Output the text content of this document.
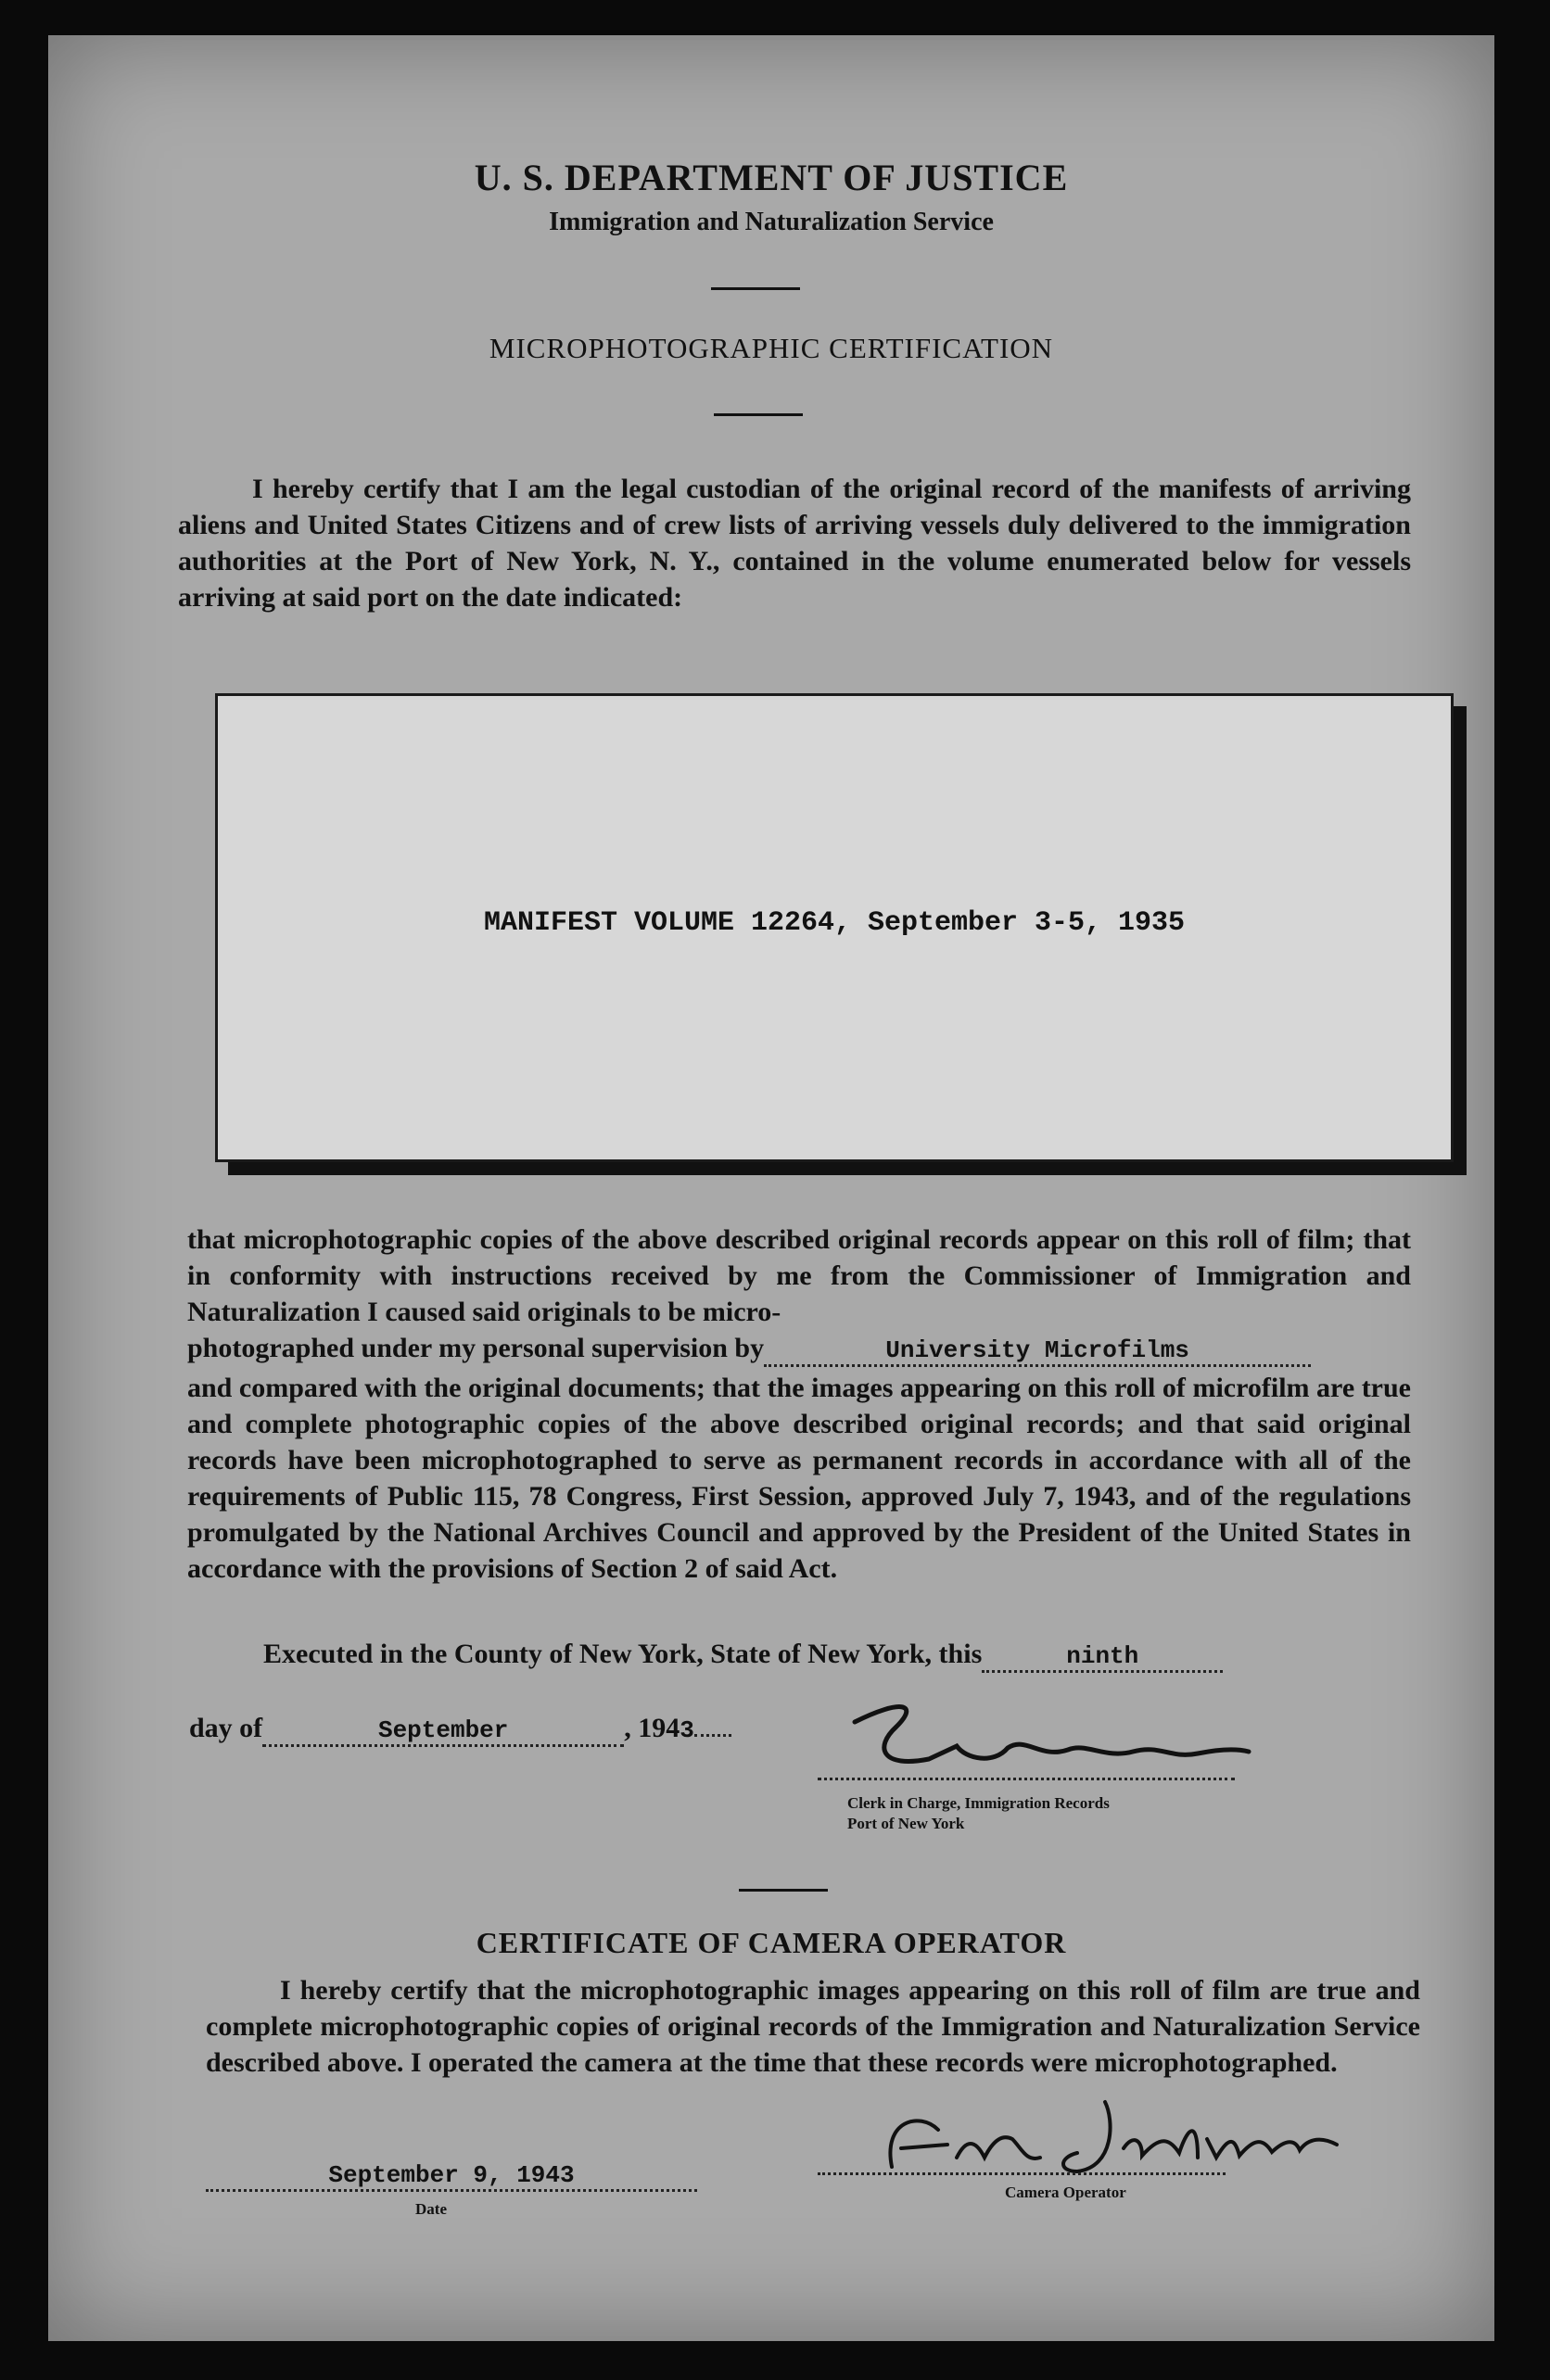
U. S. DEPARTMENT OF JUSTICE
Immigration and Naturalization Service
MICROPHOTOGRAPHIC CERTIFICATION
I hereby certify that I am the legal custodian of the original record of the manifests of arriving aliens and United States Citizens and of crew lists of arriving vessels duly delivered to the immigration authorities at the Port of New York, N. Y., contained in the volume enumerated below for vessels arriving at said port on the date indicated:
MANIFEST VOLUME 12264, September 3-5, 1935
that microphotographic copies of the above described original records appear on this roll of film; that in conformity with instructions received by me from the Commissioner of Immigration and Naturalization I caused said originals to be micro-
photographed under my personal supervision by	University Microfilms
and compared with the original documents; that the images appearing on this roll of microfilm are true and complete photographic copies of the above described original records; and that said original records have been microphotographed to serve as permanent records in accordance with all of the requirements of Public 115, 78 Congress, First Session, approved July 7, 1943, and of the regulations promulgated by the National Archives Council and approved by the President of the United States in accordance with the provisions of Section 2 of said Act.
Executed in the County of New York, State of New York, this	ninth
day of	September	, 1943
Clerk in Charge, Immigration Records
Port of New York
CERTIFICATE OF CAMERA OPERATOR
I hereby certify that the microphotographic images appearing on this roll of film are true and complete microphotographic copies of original records of the Immigration and Naturalization Service described above. I operated the camera at the time that these records were microphotographed.
September 9, 1943
Date
Camera Operator
